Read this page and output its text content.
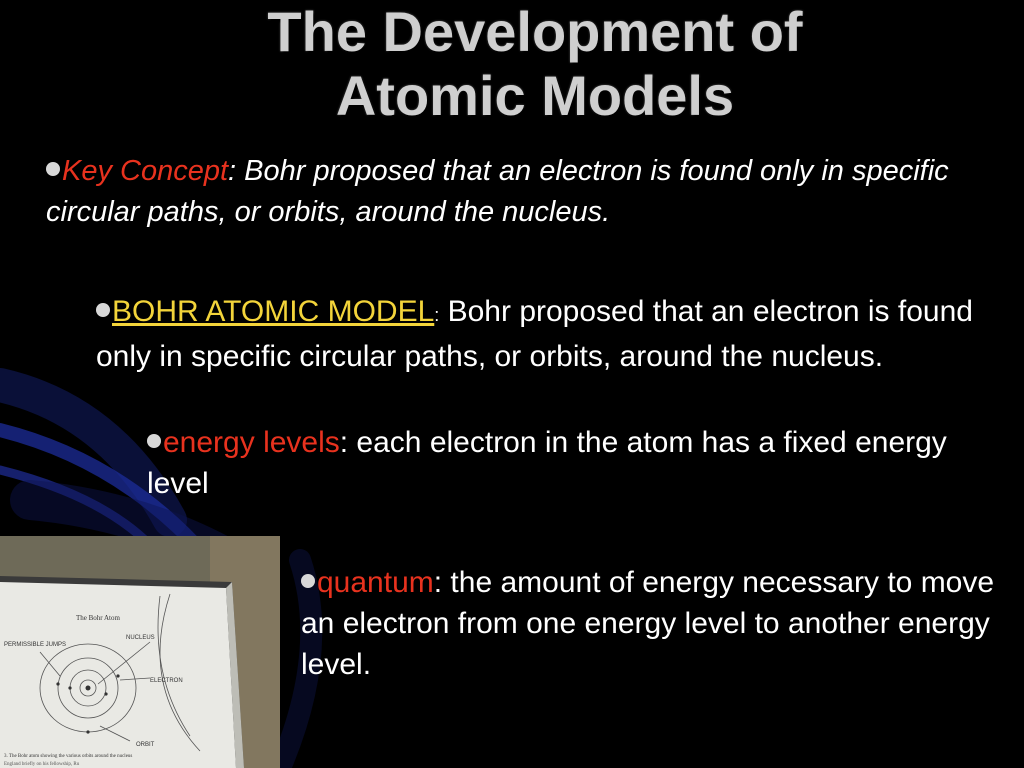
The Development of
Atomic Models
Key Concept: Bohr proposed that an electron is found only in specific circular paths, or orbits, around the nucleus.
BOHR ATOMIC MODEL: Bohr proposed that an electron is found only in specific circular paths, or orbits, around the nucleus.
energy levels: each electron in the atom has a fixed energy level
quantum: the amount of energy necessary to move an electron from one energy level to another energy level.
The Bohr Atom
NUCLEUS
PERMISSIBLE JUMPS
ELECTRON
ORBIT
3. The Bohr atom showing the various orbits around the nucleus
England briefly on his fellowship, Ru
